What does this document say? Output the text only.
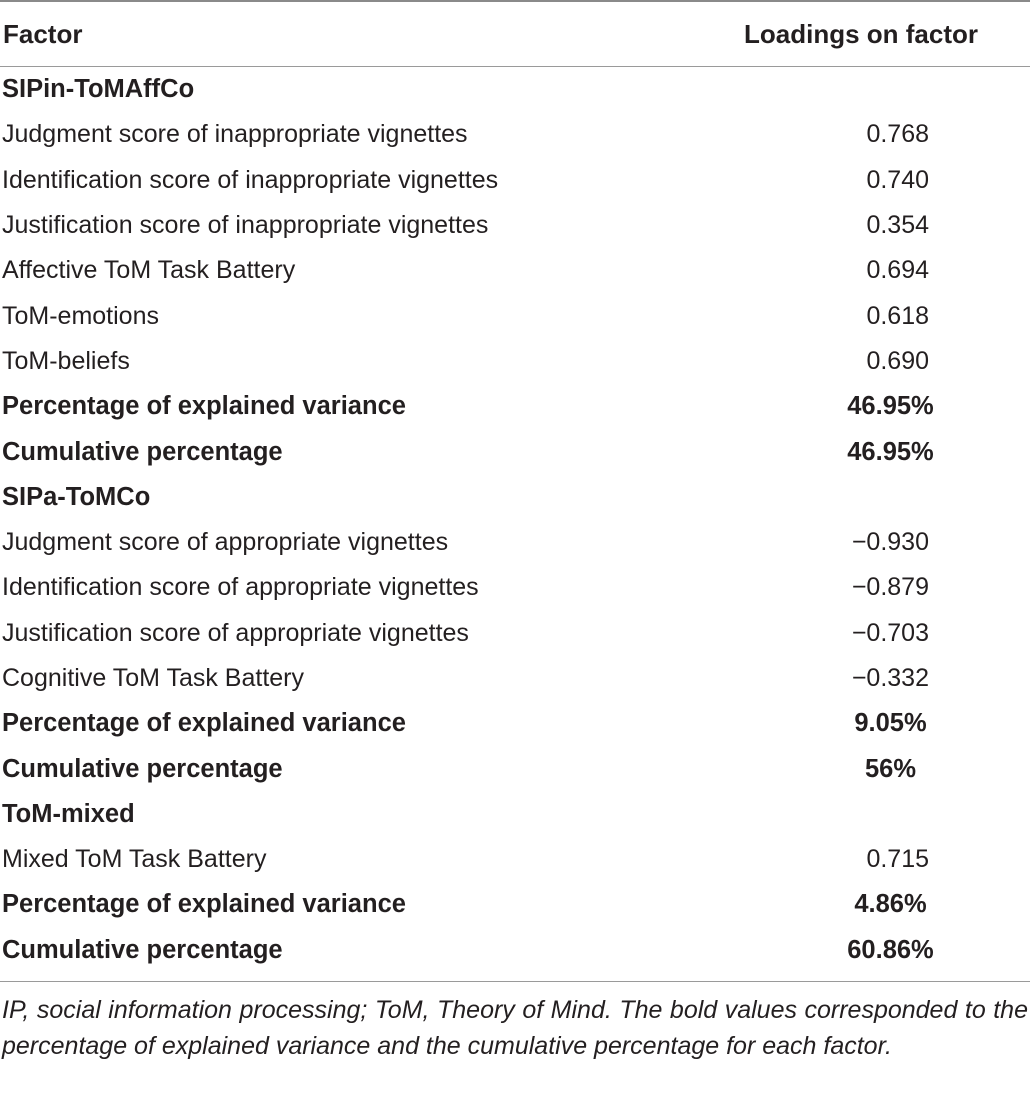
Factor	Loadings on factor
SIPin-ToMAffCo
Judgment score of inappropriate vignettes	0.768
Identification score of inappropriate vignettes	0.740
Justification score of inappropriate vignettes	0.354
Affective ToM Task Battery	0.694
ToM-emotions	0.618
ToM-beliefs	0.690
Percentage of explained variance	46.95%
Cumulative percentage	46.95%
SIPa-ToMCo
Judgment score of appropriate vignettes	−0.930
Identification score of appropriate vignettes	−0.879
Justification score of appropriate vignettes	−0.703
Cognitive ToM Task Battery	−0.332
Percentage of explained variance	9.05%
Cumulative percentage	56%
ToM-mixed
Mixed ToM Task Battery	0.715
Percentage of explained variance	4.86%
Cumulative percentage	60.86%
IP, social information processing; ToM, Theory of Mind. The bold values corresponded to the percentage of explained variance and the cumulative percentage for each factor.
